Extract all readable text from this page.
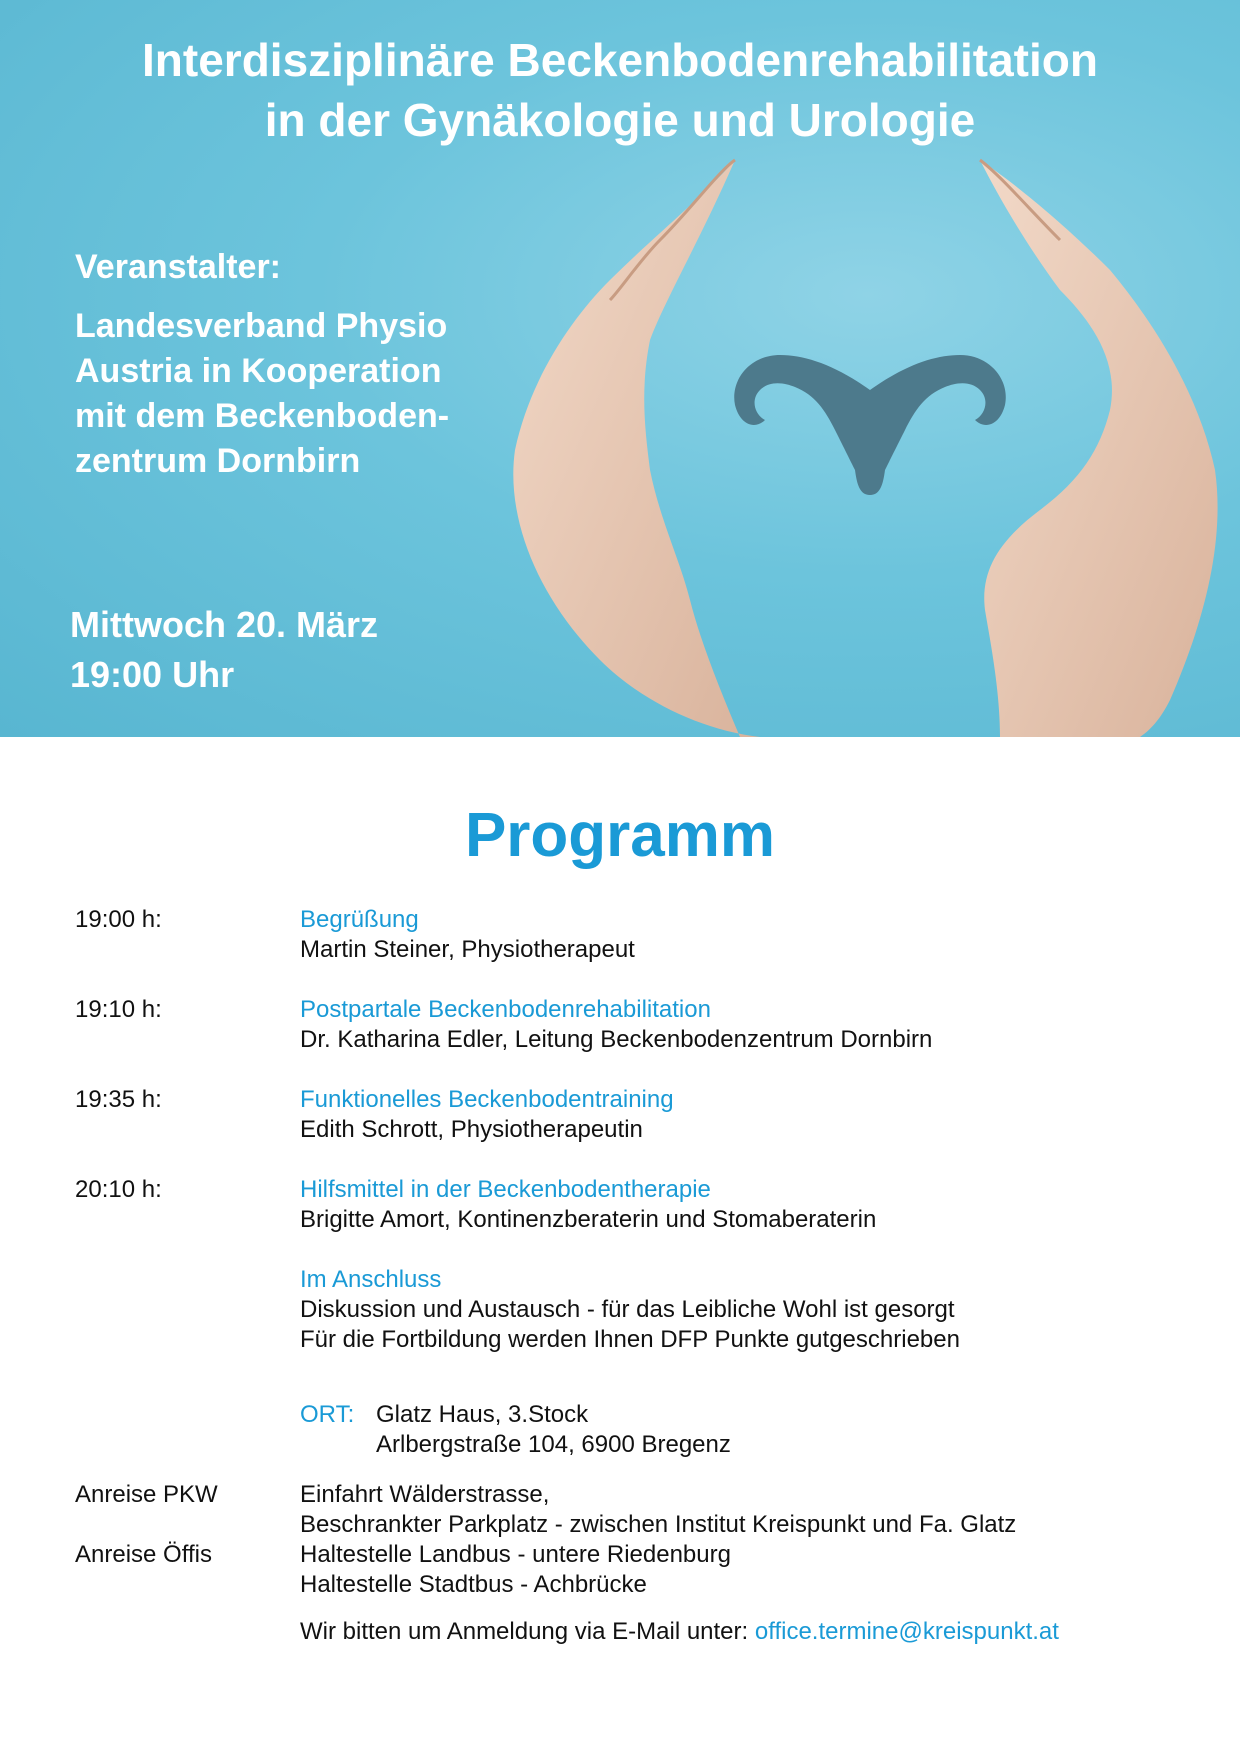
Interdisziplinäre Beckenbodenrehabilitation
in der Gynäkologie und Urologie
Veranstalter:
Landesverband Physio
Austria in Kooperation
mit dem Beckenboden-
zentrum Dornbirn
Mittwoch 20. März
19:00 Uhr
Programm
19:00 h:	Begrüßung
Martin Steiner, Physiotherapeut
19:10 h:	Postpartale Beckenbodenrehabilitation
Dr. Katharina Edler, Leitung Beckenbodenzentrum Dornbirn
19:35 h:	Funktionelles Beckenbodentraining
Edith Schrott, Physiotherapeutin
20:10 h:	Hilfsmittel in der Beckenbodentherapie
Brigitte Amort, Kontinenzberaterin und Stomaberaterin
Im Anschluss
Diskussion und Austausch - für das Leibliche Wohl ist gesorgt
Für die Fortbildung werden Ihnen DFP Punkte gutgeschrieben
ORT: Glatz Haus, 3.Stock
Arlbergstraße 104, 6900 Bregenz
Anreise PKW	Einfahrt Wälderstrasse,
Beschrankter Parkplatz - zwischen Institut Kreispunkt und Fa. Glatz
Anreise Öffis	Haltestelle Landbus - untere Riedenburg
Haltestelle Stadtbus - Achbrücke
Wir bitten um Anmeldung via E-Mail unter: office.termine@kreispunkt.at
